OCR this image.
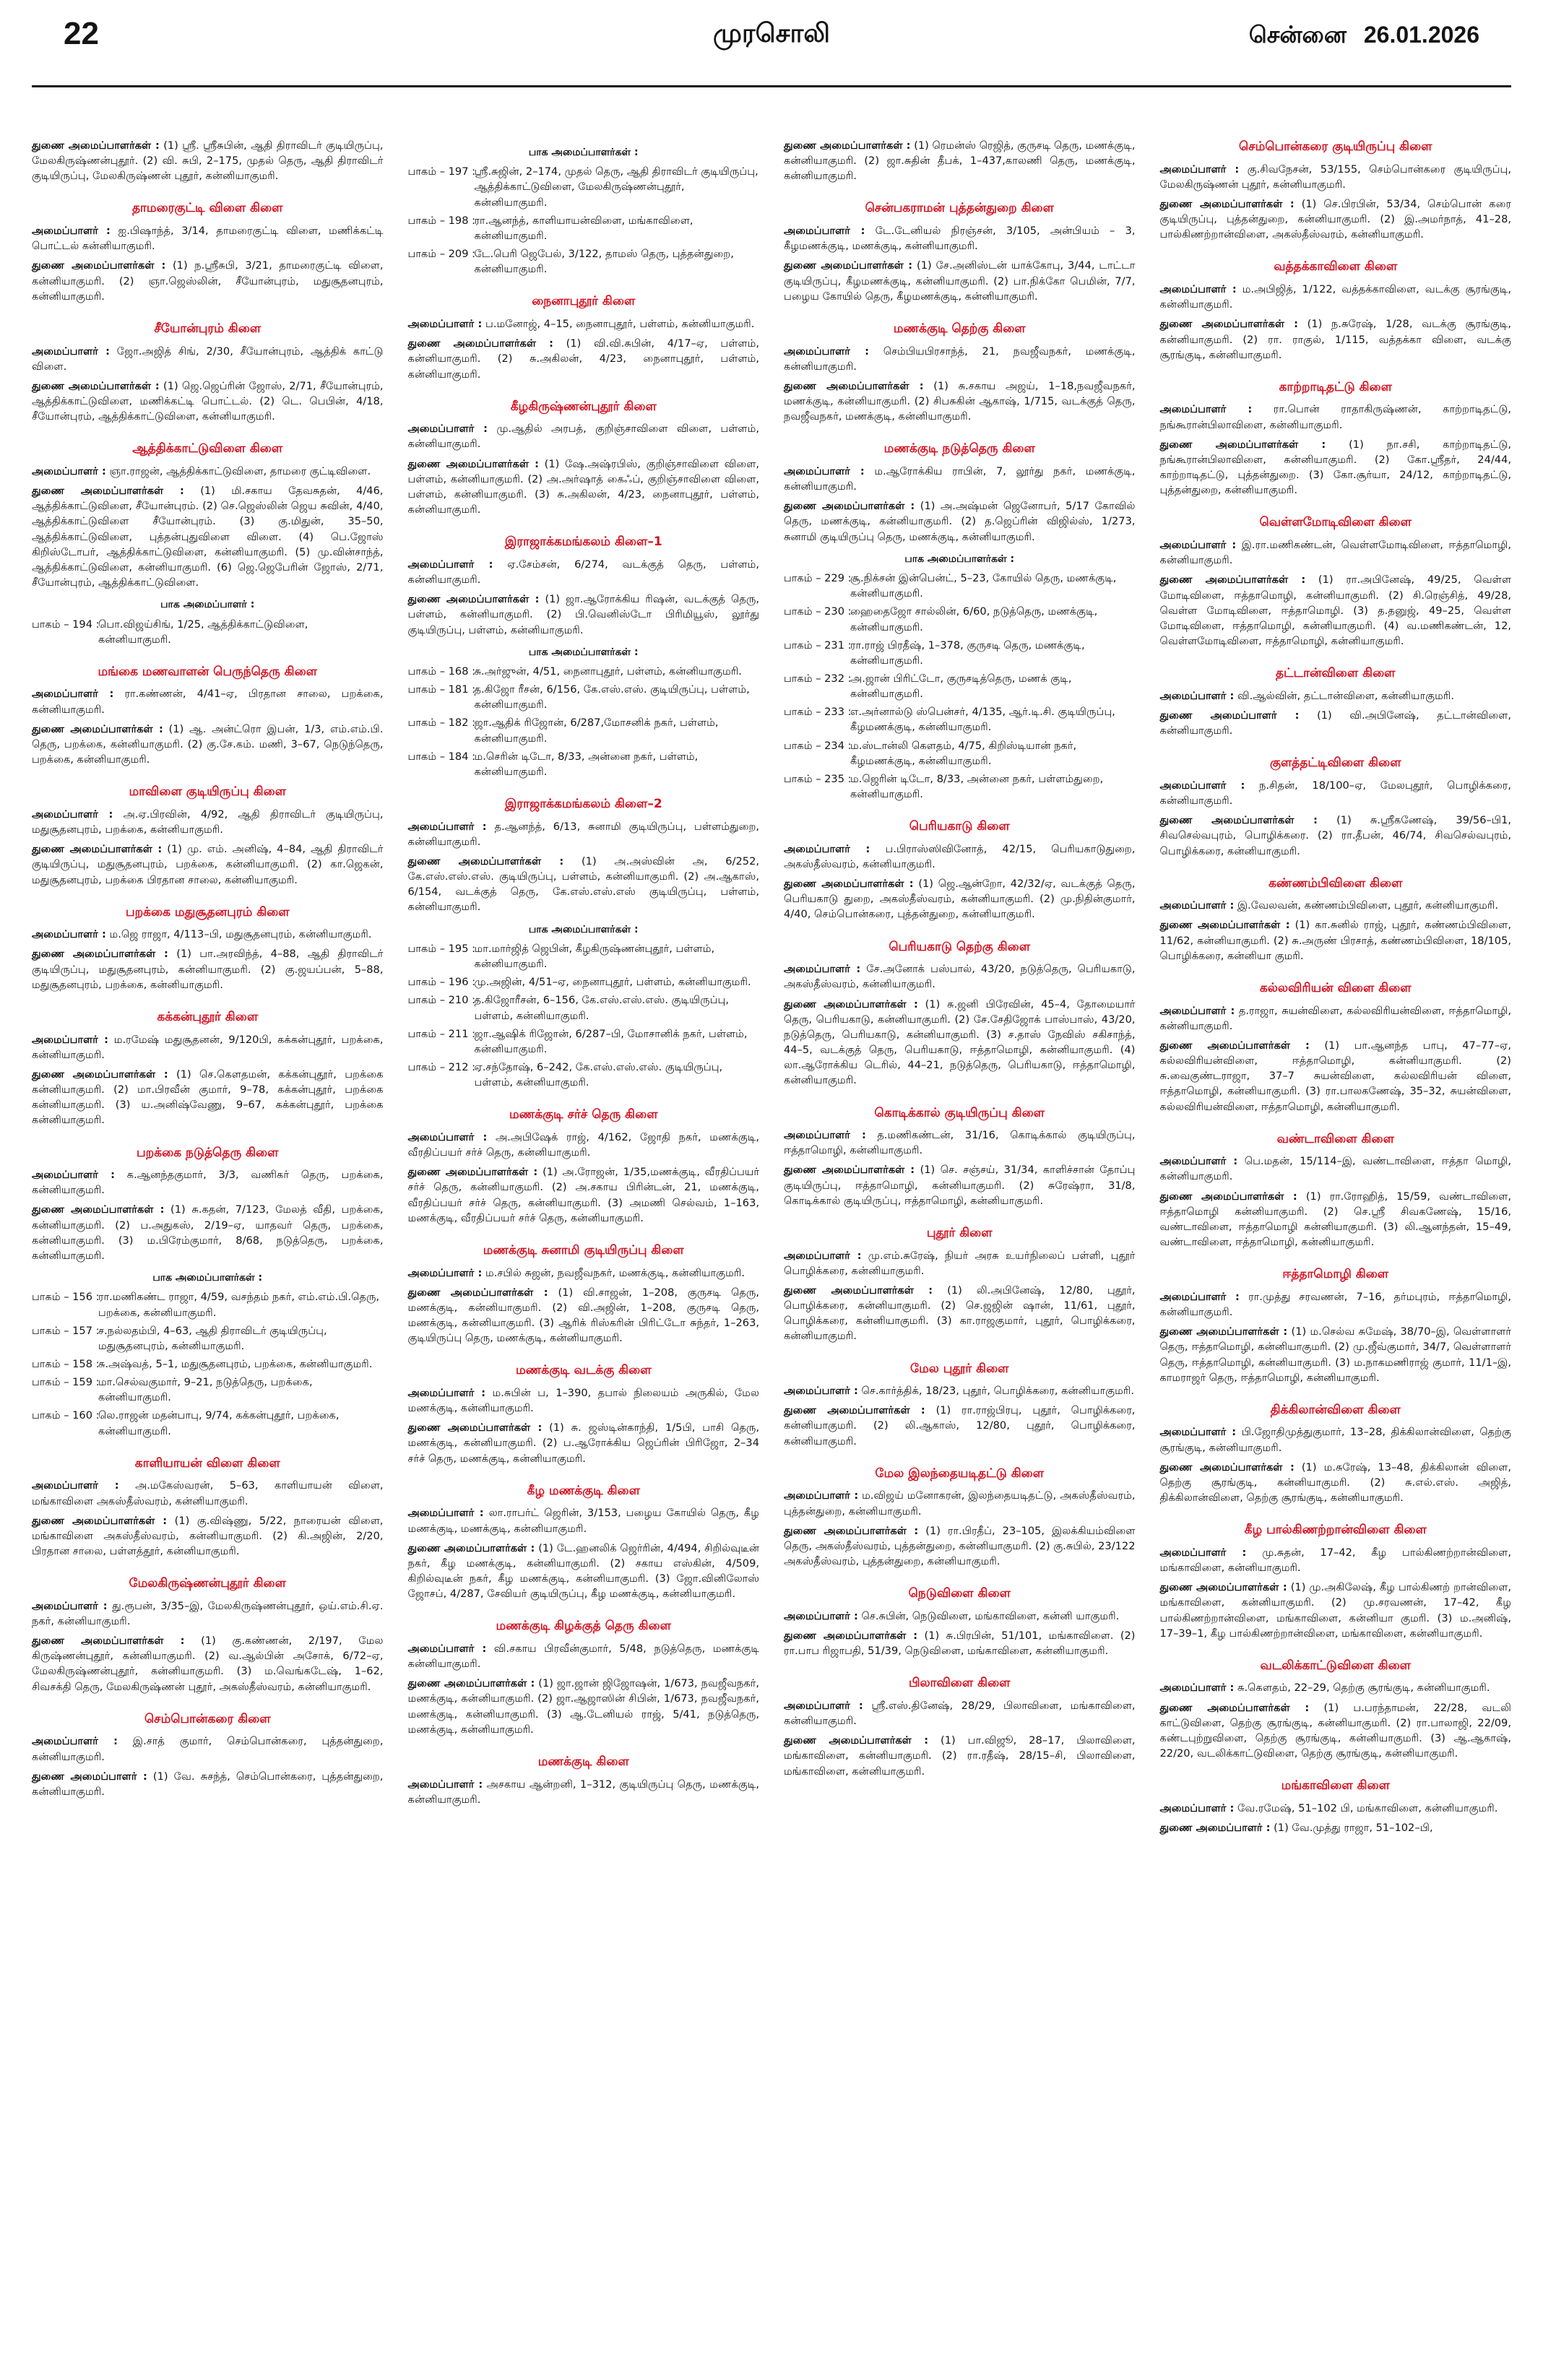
22	முரசொலி	சென்னை 26.01.2026

துணை அமைப்பாளர்கள் : (1) ஸ்ரீ. ஸ்ரீசுபின், ஆதி திராவிடர் குடியிருப்பு, மேலகிருஷ்ணன்புதூர். (2) வி. சுபி, 2–175, முதல் தெரு, ஆதி திராவிடர் குடியிருப்பு, மேலகிருஷ்ணன் புதூர், கன்னியாகுமரி.

தாமரைகுட்டி விளை கிளை

அமைப்பாளர் : ஐ.பிஷாந்த், 3/14, தாமரைகுட்டி விளை, மணிக்கட்டி பொட்டல் கன்னியாகுமரி.

துணை அமைப்பாளர்கள் : (1) ந.ஸ்ரீசுபி, 3/21, தாமரைகுட்டி விளை, கன்னியாகுமரி. (2) ஞா.ஜெஸ்லின், சீயோன்புரம், மதுசூதனபுரம், கன்னியாகுமரி.

சீயோன்புரம் கிளை

அமைப்பாளர் : ஜோ.அஜித் சிங், 2/30, சீயோன்புரம், ஆத்திக் காட்டு விளை.

துணை அமைப்பாளர்கள் : (1) ஜெ.ஜெப்ரின் ஜோஸ், 2/71, சீயோன்புரம், ஆத்திக்காட்டுவிளை, மணிக்கட்டி பொட்டல். (2) டெ. பெபின், 4/18, சீயோன்புரம், ஆத்திக்காட்டுவிளை, கன்னியாகுமரி.

ஆத்திக்காட்டுவிளை கிளை

அமைப்பாளர் : ஞா.ராஜன், ஆத்திக்காட்டுவிளை, தாமரை குட்டிவிளை.

துணை அமைப்பாளர்கள் : (1) மி.சகாய தேவசுதன், 4/46, ஆத்திக்காட்டுவிளை, சீயோன்புரம். (2) செ.ஜெஸ்லின் ஜெய சுவின், 4/40, ஆத்திக்காட்டுவிளை சீயோன்புரம். (3) கு.மிதுன், 35–50, ஆத்திக்காட்டுவிளை, புத்தன்புதுவிளை விளை. (4) பெ.ஜோஸ் கிறிஸ்டோபர், ஆத்திக்காட்டுவிளை, கன்னியாகுமரி. (5) மு.வின்சாந்த், ஆத்திக்காட்டுவிளை, கன்னியாகுமரி. (6) ஜெ.ஜெபேரின் ஜோஸ், 2/71, சீயோன்புரம், ஆத்திக்காட்டுவிளை.

பாக அமைப்பாளர் :
பாகம் – 194 :
பொ.விஜய்சிங், 1/25, ஆத்திக்காட்டுவிளை, கன்னியாகுமரி.
மங்கை மணவாளன் பெருந்தெரு கிளை

அமைப்பாளர் : ரா.கண்ணன், 4/41–ஏ, பிரதான சாலை, பறக்கை, கன்னியாகுமரி.

துணை அமைப்பாளர்கள் : (1) ஆ. அன்ட்ரொ இபன், 1/3, எம்.எம்.பி. தெரு, பறக்கை, கன்னியாகுமரி. (2) கு.சே.கம். மணி, 3–67, நெடுந்தெரு, பறக்கை, கன்னியாகுமரி.

மாவிளை குடியிருப்பு கிளை

அமைப்பாளர் : அ.ஏ.பிரவின், 4/92, ஆதி திராவிடர் குடியிருப்பு, மதுசூதனபுரம், பறக்கை, கன்னியாகுமரி.

துணை அமைப்பாளர்கள் : (1) மு. எம். அனிஷ், 4–84, ஆதி திராவிடர் குடியிருப்பு, மதுசூதனபுரம், பறக்கை, கன்னியாகுமரி. (2) கா.ஜெகன், மதுசூதனபுரம், பறக்கை பிரதான சாலை, கன்னியாகுமரி.

பறக்கை மதுசூதனபுரம் கிளை

அமைப்பாளர் : ம.ஜெ ராஜா, 4/113–பி, மதுசூதனபுரம், கன்னியாகுமரி.

துணை அமைப்பாளர்கள் : (1) பா.அரவிந்த், 4–88, ஆதி திராவிடர் குடியிருப்பு, மதுசூதனபுரம், கன்னியாகுமரி. (2) கு.ஜயப்பன், 5–88, மதுசூதனபுரம், பறக்கை, கன்னியாகுமரி.

கக்கன்புதூர் கிளை

அமைப்பாளர் : ம.ரமேஷ் மதுசூதனன், 9/120பி, கக்கன்புதூர், பறக்கை, கன்னியாகுமரி.

துணை அமைப்பாளர்கள் : (1) செ.கௌதமன், கக்கன்புதூர், பறக்கை கன்னியாகுமரி. (2) மா.பிரவீன் குமார், 9–78, கக்கன்புதூர், பறக்கை கன்னியாகுமரி. (3) ய.அனிஷ்வேணு, 9–67, கக்கன்புதூர், பறக்கை கன்னியாகுமரி.

பறக்கை நடுத்தெரு கிளை

அமைப்பாளர் : க.ஆனந்தகுமார், 3/3, வணிகர் தெரு, பறக்கை, கன்னியாகுமரி.

துணை அமைப்பாளர்கள் : (1) சு.கதன், 7/123, மேலத் வீதி, பறக்கை, கன்னியாகுமரி. (2) ப.அதுகஸ், 2/19–ஏ, யாதவர் தெரு, பறக்கை, கன்னியாகுமரி. (3) ம.பிரேம்குமார், 8/68, நடுத்தெரு, பறக்கை, கன்னியாகுமரி.

பாக அமைப்பாளர்கள் :
பாகம் – 156 :
ரா.மணிகண்ட ராஜா, 4/59, வசந்தம் நகர், எம்.எம்.பி.தெரு, பறக்கை, கன்னியாகுமரி.
பாகம் – 157 :
ச.நல்லதம்பி, 4–63, ஆதி திராவிடர் குடியிருப்பு, மதுசூதனபுரம், கன்னியாகுமரி.
பாகம் – 158 :
சு.அஷ்வத், 5–1, மதுசூதனபுரம், பறக்கை, கன்னியாகுமரி.
பாகம் – 159 :
மா.செல்வகுமார், 9–21, நடுத்தெரு, பறக்கை, கன்னியாகுமரி.
பாகம் – 160 :
லெ.ராஜன் மதன்பாபு, 9/74, கக்கன்புதூர், பறக்கை, கன்னியாகுமரி.
காளியாயன் விளை கிளை

அமைப்பாளர் : அ.மகேஸ்வரன், 5–63, காளியாயன் விளை, மங்காவிளை அகஸ்தீஸ்வரம், கன்னியாகுமரி.

துணை அமைப்பாளர்கள் : (1) கு.விஷ்ணு, 5/22, நாரையன் விளை, மங்காவிளை அகஸ்தீஸ்வரம், கன்னியாகுமரி. (2) கி.அஜின், 2/20, பிரதான சாலை, பள்ளத்தூர், கன்னியாகுமரி.

மேலகிருஷ்ணன்புதூர் கிளை

அமைப்பாளர் : து.ரூபன், 3/35–இ, மேலகிருஷ்ணன்புதூர், ஒய்.எம்.சி.ஏ. நகர், கன்னியாகுமரி.

துணை அமைப்பாளர்கள் : (1) கு.கண்ணன், 2/197, மேல கிருஷ்ணன்புதூர், கன்னியாகுமரி. (2) வ.ஆல்பின் அசோக், 6/72–ஏ, மேலகிருஷ்ணன்புதூர், கன்னியாகுமரி. (3) ம.வெங்கடேஷ், 1–62, சிவசக்தி தெரு, மேலகிருஷ்ணன் புதூர், அகஸ்தீஸ்வரம், கன்னியாகுமரி.

செம்பொன்கரை கிளை

அமைப்பாளர் : இ.சாத் குமார், செம்பொன்கரை, புத்தன்துறை, கன்னியாகுமரி.

துணை அமைப்பாளர் : (1) வே. சுசந்த், செம்பொன்கரை, புத்தன்துறை, கன்னியாகுமரி.

பாக அமைப்பாளர்கள் :
பாகம் – 197 :
ஸ்ரீ.சுஜின், 2–174, முதல் தெரு, ஆதி திராவிடர் குடியிருப்பு, ஆத்திக்காட்டுவிளை, மேலகிருஷ்ணன்புதூர், கன்னியாகுமரி.
பாகம் – 198 :
ரா.ஆனந்த், காளியாயன்விளை, மங்காவிளை, கன்னியாகுமரி.
பாகம் – 209 :
டே.பெரி ஜெபேல், 3/122, தாமஸ் தெரு, புத்தன்துறை, கன்னியாகுமரி.
நைனாபுதூர் கிளை

அமைப்பாளர் : ப.மனோஜ், 4–15, நைனாபுதூர், பள்ளம், கன்னியாகுமரி.

துணை அமைப்பாளர்கள் : (1) வி.வி.சுபின், 4/17–ஏ, பள்ளம், கன்னியாகுமரி. (2) சு.அகிலன், 4/23, நைனாபுதூர், பள்ளம், கன்னியாகுமரி.

கீழகிருஷ்ணன்புதூர் கிளை

அமைப்பாளர் : மு.ஆதில் அரபத், குறிஞ்சாவிளை விளை, பள்ளம், கன்னியாகுமரி.

துணை அமைப்பாளர்கள் : (1) ஷே.அஷ்ரபிஸ், குறிஞ்சாவிளை விளை, பள்ளம், கன்னியாகுமரி. (2) அ.அர்ஷாத் கைஃப், குறிஞ்சாவிளை விளை, பள்ளம், கன்னியாகுமரி. (3) சு.அகிலன், 4/23, நைனாபுதூர், பள்ளம், கன்னியாகுமரி.

இராஜாக்கமங்கலம் கிளை–1

அமைப்பாளர் : ஏ.சேம்சன், 6/274, வடக்குத் தெரு, பள்ளம், கன்னியாகுமரி.

துணை அமைப்பாளர்கள் : (1) ஜா.ஆரோக்கிய ரிஷன், வடக்குத் தெரு, பள்ளம், கன்னியாகுமரி. (2) பி.வெனிஸ்டோ பிரிமியூஸ், லூர்து குடியிருப்பு, பள்ளம், கன்னியாகுமரி.

பாக அமைப்பாளர்கள் :
பாகம் – 168 :
சு.அர்ஜுன், 4/51, நைனாபுதூர், பள்ளம், கன்னியாகுமரி.
பாகம் – 181 :
த.கிஜோ ரீசன், 6/156, கே.எஸ்.எஸ். குடியிருப்பு, பள்ளம், கன்னியாகுமரி.
பாகம் – 182 :
ஜா.ஆதிக் ரிஜோன், 6/287,மோசனிக் நகர், பள்ளம், கன்னியாகுமரி.
பாகம் – 184 :
ம.செரின் டிடோ, 8/33, அன்னை நகர், பள்ளம், கன்னியாகுமரி.
இராஜாக்கமங்கலம் கிளை–2

அமைப்பாளர் : த.ஆனந்த், 6/13, சுனாமி குடியிருப்பு, பள்ளம்துறை, கன்னியாகுமரி.

துணை அமைப்பாளர்கள் : (1) அ.அஸ்வின் அ, 6/252, கே.எஸ்.எஸ்.எஸ். குடியிருப்பு, பள்ளம், கன்னியாகுமரி. (2) அ.ஆகாஸ், 6/154, வடக்குத் தெரு, கே.எஸ்.எஸ்.எஸ் குடியிருப்பு, பள்ளம், கன்னியாகுமரி.

பாக அமைப்பாளர்கள் :
பாகம் – 195 :
மா.மார்ஜித் ஜெபின், கீழகிருஷ்ணன்புதூர், பள்ளம், கன்னியாகுமரி.
பாகம் – 196 :
மு.அஜின், 4/51–ஏ, நைனாபுதூர், பள்ளம், கன்னியாகுமரி.
பாகம் – 210 :
த.கிஜோரீசன், 6–156, கே.எஸ்.எஸ்.எஸ். குடியிருப்பு, பள்ளம், கன்னியாகுமரி.
பாகம் – 211 :
ஜா.ஆஷிக் ரிஜோன், 6/287–பி, மோசானிக் நகர், பள்ளம், கன்னியாகுமரி.
பாகம் – 212 :
ஏ.சந்தோஷ், 6–242, கே.எஸ்.எஸ்.எஸ். குடியிருப்பு, பள்ளம், கன்னியாகுமரி.
மணக்குடி சர்ச் தெரு கிளை

அமைப்பாளர் : அ.அபிஷேக் ராஜ், 4/162, ஜோதி நகர், மணக்குடி, வீரதிப்பயர் சர்ச் தெரு, கன்னியாகுமரி.

துணை அமைப்பாளர்கள் : (1) அ.ரோஜன், 1/35,மணக்குடி, வீரதிப்பயர் சர்ச் தெரு, கன்னியாகுமரி. (2) அ.சகாய பிரின்டன், 21, மணக்குடி, வீரதிப்பயர் சர்ச் தெரு, கன்னியாகுமரி. (3) அமணி செல்வம், 1–163, மணக்குடி, வீரதிப்பயர் சர்ச் தெரு, கன்னியாகுமரி.

மணக்குடி சுனாமி குடியிருப்பு கிளை

அமைப்பாளர் : ம.சபில் சுஜன், நவஜீவநகர், மணக்குடி, கன்னியாகுமரி.

துணை அமைப்பாளர்கள் : (1) வி.சாஜன், 1–208, குருசடி தெரு, மணக்குடி, கன்னியாகுமரி. (2) வி.அஜின், 1–208, குருசடி தெரு, மணக்குடி, கன்னியாகுமரி. (3) ஆரிக் ரிஸ்கரின் பிரிட்டோ சுந்தர், 1–263, குடியிருப்பு தெரு, மணக்குடி, கன்னியாகுமரி.

மணக்குடி வடக்கு கிளை

அமைப்பாளர் : ம.சுபின் ப, 1–390, தபால் நிலையம் அருகில், மேல மணக்குடி, கன்னியாகுமரி.

துணை அமைப்பாளர்கள் : (1) சு. ஜஸ்டின்காந்தி, 1/5பி, பாசி தெரு, மணக்குடி, கன்னியாகுமரி. (2) ப.ஆரோக்கிய ஜெப்ரின் பிரிஜோ, 2–34 சர்ச் தெரு, மணக்குடி, கன்னியாகுமரி.

கீழ மணக்குடி கிளை

அமைப்பாளர் : லா.ராபர்ட் ஜெரின், 3/153, பழைய கோயில் தெரு, கீழ மணக்குடி, மணக்குடி, கன்னியாகுமரி.

துணை அமைப்பாளர்கள் : (1) டே.ஹனலிக் ஜெர்ரின், 4/494, சிறில்வுடீன் நகர், கீழ மணக்குடி, கன்னியாகுமரி. (2) சகாய எஸ்கின், 4/509, கிறில்வுடீன் நகர், கீழ மணக்குடி, கன்னியாகுமரி. (3) ஜோ.வினிலோஸ் ஜோசப், 4/287, சேவியர் குடியிருப்பு, கீழ மணக்குடி, கன்னியாகுமரி.

மணக்குடி கிழக்குத் தெரு கிளை

அமைப்பாளர் : வி.சகாய பிரவீன்குமார், 5/48, நடுத்தெரு, மணக்குடி கன்னியாகுமரி.

துணை அமைப்பாளர்கள் : (1) ஜா.ஜான் ஜிஜோஷன், 1/673, நவஜீவநகர், மணக்குடி, கன்னியாகுமரி. (2) ஜா.ஆஜாஸின் சிபின், 1/673, நவஜீவநகர், மணக்குடி, கன்னியாகுமரி. (3) ஆ.டேனியல் ராஜ், 5/41, நடுத்தெரு, மணக்குடி, கன்னியாகுமரி.

மணக்குடி கிளை

அமைப்பாளர் : அசகாய ஆன்றனி, 1–312, குடியிருப்பு தெரு, மணக்குடி, கன்னியாகுமரி.

துணை அமைப்பாளர்கள் : (1) ரெமன்ஸ் ரெஜித், குருசடி தெரு, மணக்குடி, கன்னியாகுமரி. (2) ஜா.சுதின் தீபக், 1–437,காலணி தெரு, மணக்குடி, கன்னியாகுமரி.

சென்பகராமன் புத்தன்துறை கிளை

அமைப்பாளர் : டே.டேனியல் நிரஞ்சன், 3/105, அன்பியம் – 3, கீழமணக்குடி, மணக்குடி, கன்னியாகுமரி.

துணை அமைப்பாளர்கள் : (1) சே.அனிஸ்டன் யாக்கோபு, 3/44, டாட்டா குடியிருப்பு, கீழமணக்குடி, கன்னியாகுமரி. (2) பா.நிக்கோ பெமின், 7/7, பழைய கோயில் தெரு, கீழமணக்குடி, கன்னியாகுமரி.

மணக்குடி தெற்கு கிளை

அமைப்பாளர் : செம்பியபிரசாந்த், 21, நவஜீவநகர், மணக்குடி, கன்னியாகுமரி.

துணை அமைப்பாளர்கள் : (1) சு.சகாய அஜய், 1–18,நவஜீவநகர், மணக்குடி, கன்னியாகுமரி. (2) சிபசுகின் ஆகாஷ், 1/715, வடக்குத் தெரு, நவஜீவநகர், மணக்குடி, கன்னியாகுமரி.

மணக்குடி நடுத்தெரு கிளை

அமைப்பாளர் : ம.ஆரோக்கிய ராபின், 7, லூர்து நகர், மணக்குடி, கன்னியாகுமரி.

துணை அமைப்பாளர்கள் : (1) அ.அஷ்மன் ஜெனோபர், 5/17 கோவில் தெரு, மணக்குடி, கன்னியாகுமரி. (2) த.ஜெப்ரின் விஜில்ஸ், 1/273, சுனாமி குடியிருப்பு தெரு, மணக்குடி, கன்னியாகுமரி.

பாக அமைப்பாளர்கள் :
பாகம் – 229 :
சூ.நிக்சன் இன்பென்ட், 5–23, கோயில் தெரு, மணக்குடி, கன்னியாகுமரி.
பாகம் – 230 :
ஹைதைஜோ சால்லின், 6/60, நடுத்தெரு, மணக்குடி, கன்னியாகுமரி.
பாகம் – 231 :
ரா.ராஜ் பிரதீஷ், 1–378, குருசடி தெரு, மணக்குடி, கன்னியாகுமரி.
பாகம் – 232 :
அ.ஜான் பிரிட்டோ, குருசடித்தெரு, மணக் குடி, கன்னியாகுமரி.
பாகம் – 233 :
எ.அர்னால்டு ஸ்பென்சர், 4/135, ஆர்.டி.சி. குடியிருப்பு, கீழமணக்குடி, கன்னியாகுமரி.
பாகம் – 234 :
ம.ஸ்டான்லி கௌதம், 4/75, கிறிஸ்டியான் நகர், கீழமணக்குடி, கன்னியாகுமரி.
பாகம் – 235 :
ம.ஜெரின் டிடோ, 8/33, அன்னை நகர், பள்ளம்துறை, கன்னியாகுமரி.
பெரியகாடு கிளை

அமைப்பாளர் : ப.பிராஸ்ஸிவினோத், 42/15, பெரியகாடுதுறை, அகஸ்தீஸ்வரம், கன்னியாகுமரி.

துணை அமைப்பாளர்கள் : (1) ஜெ.ஆன்றோ, 42/32/ஏ, வடக்குத் தெரு, பெரியகாடு துறை, அகஸ்தீஸ்வரம், கன்னியாகுமரி. (2) மு.நிதின்குமார், 4/40, செம்பொன்கரை, புத்தன்துறை, கன்னியாகுமரி.

பெரியகாடு தெற்கு கிளை

அமைப்பாளர் : சே.அனோக் பஸ்பால், 43/20, நடுத்தெரு, பெரியகாடு, அகஸ்தீஸ்வரம், கன்னியாகுமரி.

துணை அமைப்பாளர்கள் : (1) சு.ஜனி பிரேவின், 45–4, தோமையார் தெரு, பெரியகாடு, கன்னியாகுமரி. (2) சே.சேதிஜோக் பாஸ்பாஸ், 43/20, நடுத்தெரு, பெரியகாடு, கன்னியாகுமரி. (3) ச.தாஸ் நேவிஸ் சகிசாந்த், 44–5, வடக்குத் தெரு, பெரியகாடு, ஈத்தாமொழி, கன்னியாகுமரி. (4) லா.ஆரோக்கிய டெரில், 44–21, நடுத்தெரு, பெரியகாடு, ஈத்தாமொழி, கன்னியாகுமரி.

கொடிக்கால் குடியிருப்பு கிளை

அமைப்பாளர் : த.மணிகண்டன், 31/16, கொடிக்கால் குடியிருப்பு, ஈத்தாமொழி, கன்னியாகுமரி.

துணை அமைப்பாளர்கள் : (1) செ. சஞ்சய், 31/34, காளிச்சான் தோப்பு குடியிருப்பு, ஈத்தாமொழி, கன்னியாகுமரி. (2) சுரேஷ்ரா, 31/8, கொடிக்கால் குடியிருப்பு, ஈத்தாமொழி, கன்னியாகுமரி.

புதூர் கிளை

அமைப்பாளர் : மு.எம்.சுரேஷ், நியர் அரசு உயர்நிலைப் பள்ளி, புதூர் பொழிக்கரை, கன்னியாகுமரி.

துணை அமைப்பாளர்கள் : (1) லி.அபினேஷ், 12/80, புதூர், பொழிக்கரை, கன்னியாகுமரி. (2) செ.ஜஜின் ஷான், 11/61, புதூர், பொழிக்கரை, கன்னியாகுமரி. (3) கா.ராஜகுமார், புதூர், பொழிக்கரை, கன்னியாகுமரி.

மேல புதூர் கிளை

அமைப்பாளர் : செ.கார்த்திக், 18/23, புதூர், பொழிக்கரை, கன்னியாகுமரி.

துணை அமைப்பாளர்கள் : (1) ரா.ராஜ்பிரபு, புதூர், பொழிக்கரை, கன்னியாகுமரி. (2) லி.ஆகாஸ், 12/80, புதூர், பொழிக்கரை, கன்னியாகுமரி.

மேல இலந்தையடிதட்டு கிளை

அமைப்பாளர் : ம.விஜய் மனோகரன், இலந்தையடிதட்டு, அகஸ்தீஸ்வரம், புத்தன்துறை, கன்னியாகுமரி.

துணை அமைப்பாளர்கள் : (1) ரா.பிரதீப், 23–105, இலக்கியம்விளை தெரு, அகஸ்தீஸ்வரம், புத்தன்துறை, கன்னியாகுமரி. (2) கு.சுபில், 23/122 அகஸ்தீஸ்வரம், புத்தன்துறை, கன்னியாகுமரி.

நெடுவிளை கிளை

அமைப்பாளர் : செ.சுபின், நெடுவிளை, மங்காவிளை, கன்னி யாகுமரி.

துணை அமைப்பாளர்கள் : (1) சு.பிரபின், 51/101, மங்காவிளை. (2) ரா.பாப ரிஜாபதி, 51/39, நெடுவிளை, மங்காவிளை, கன்னியாகுமரி.

பிலாவிளை கிளை

அமைப்பாளர் : ஸ்ரீ.எஸ்.தினேஷ், 28/29, பிலாவிளை, மங்காவிளை, கன்னியாகுமரி.

துணை அமைப்பாளர்கள் : (1) பா.விஜூ, 28–17, பிலாவிளை, மங்காவிளை, கன்னியாகுமரி. (2) ரா.ரதீஷ், 28/15–சி, பிலாவிளை, மங்காவிளை, கன்னியாகுமரி.

செம்பொன்கரை குடியிருப்பு கிளை

அமைப்பாளர் : கு.சிவநேசன், 53/155, செம்பொன்கரை குடியிருப்பு, மேலகிருஷ்ணன் புதூர், கன்னியாகுமரி.

துணை அமைப்பாளர்கள் : (1) செ.பிரபின், 53/34, செம்பொன் கரை குடியிருப்பு, புத்தன்துறை, கன்னியாகுமரி. (2) இ.அமர்நாத், 41–28, பால்கிணற்றான்விளை, அகஸ்தீஸ்வரம், கன்னியாகுமரி.

வத்தக்காவிளை கிளை

அமைப்பாளர் : ம.அபிஜித், 1/122, வத்தக்காவிளை, வடக்கு சூரங்குடி, கன்னியாகுமரி.

துணை அமைப்பாளர்கள் : (1) ந.சுரேஷ், 1/28, வடக்கு சூரங்குடி, கன்னியாகுமரி. (2) ரா. ராகுல், 1/115, வத்தக்கா விளை, வடக்கு சூரங்குடி, கன்னியாகுமரி.

காற்றாடிதட்டு கிளை

அமைப்பாளர் : ரா.பொன் ராதாகிருஷ்ணன், காற்றாடிதட்டு, நங்கூரான்பிலாவிளை, கன்னியாகுமரி.

துணை அமைப்பாளர்கள் : (1) நா.சசி, காற்றாடிதட்டு, நங்கூரான்பிலாவிளை, கன்னியாகுமரி. (2) கோ.ஸ்ரீதர், 24/44, காற்றாடிதட்டு, புத்தன்துறை. (3) கோ.சூர்யா, 24/12, காற்றாடிதட்டு, புத்தன்துறை, கன்னியாகுமரி.

வெள்ளமோடிவிளை கிளை

அமைப்பாளர் : இ.ரா.மணிகண்டன், வெள்ளமோடிவிளை, ஈத்தாமொழி, கன்னியாகுமரி.

துணை அமைப்பாளர்கள் : (1) ரா.அபினேஷ், 49/25, வெள்ள மோடிவிளை, ஈத்தாமொழி, கன்னியாகுமரி. (2) சி.ரெஞ்சித், 49/28, வெள்ள மோடிவிளை, ஈத்தாமொழி. (3) த.தனுஜ், 49–25, வெள்ள மோடிவிளை, ஈத்தாமொழி, கன்னியாகுமரி. (4) வ.மணிகண்டன், 12, வெள்ளமோடிவிளை, ஈத்தாமொழி, கன்னியாகுமரி.

தட்டான்விளை கிளை

அமைப்பாளர் : வி.ஆல்வின், தட்டான்விளை, கன்னியாகுமரி.

துணை அமைப்பாளர் : (1) வி.அபினேஷ், தட்டான்விளை, கன்னியாகுமரி.

குளத்தட்டிவிளை கிளை

அமைப்பாளர் : ந.சிதன், 18/100–ஏ, மேலபுதூர், பொழிக்கரை, கன்னியாகுமரி.

துணை அமைப்பாளர்கள் : (1) சு.ஸ்ரீகணேஷ், 39/56–பி1, சிவசெல்வபுரம், பொழிக்கரை. (2) ரா.தீபன், 46/74, சிவசெல்வபுரம், பொழிக்கரை, கன்னியாகுமரி.

கண்ணம்பிவிளை கிளை

அமைப்பாளர் : இ.வேலவன், கண்ணம்பிவிளை, புதூர், கன்னியாகுமரி.

துணை அமைப்பாளர்கள் : (1) கா.சுனில் ராஜ், புதூர், கண்ணம்பிவிளை, 11/62, கன்னியாகுமரி. (2) சு.அருண் பிரசாத், கண்ணம்பிவிளை, 18/105, பொழிக்கரை, கன்னியா குமரி.

கல்லவிரியன் விளை கிளை

அமைப்பாளர் : த.ராஜா, சுயன்விளை, கல்லவிரியன்விளை, ஈத்தாமொழி, கன்னியாகுமரி.

துணை அமைப்பாளர்கள் : (1) பா.ஆனந்த பாபு, 47–77–ஏ, கல்லவிரியன்விளை, ஈத்தாமொழி, கன்னியாகுமரி. (2) சு.வைகுண்டராஜா, 37–7 சுயன்விளை, கல்லவிரியன் விளை, ஈத்தாமொழி, கன்னியாகுமரி. (3) ரா.பாலகணேஷ், 35–32, சுயன்விளை, கல்லவிரியன்விளை, ஈத்தாமொழி, கன்னியாகுமரி.

வண்டாவிளை கிளை

அமைப்பாளர் : பெ.மதன், 15/114–இ, வண்டாவிளை, ஈத்தா மொழி, கன்னியாகுமரி.

துணை அமைப்பாளர்கள் : (1) ரா.ரோஹித், 15/59, வண்டாவிளை, ஈத்தாமொழி கன்னியாகுமரி. (2) செ.ஸ்ரீ சிவகணேஷ், 15/16, வண்டாவிளை, ஈத்தாமொழி கன்னியாகுமரி. (3) லி.ஆனந்தன், 15–49, வண்டாவிளை, ஈத்தாமொழி, கன்னியாகுமரி.

ஈத்தாமொழி கிளை

அமைப்பாளர் : ரா.முத்து சரவணன், 7–16, தர்மபுரம், ஈத்தாமொழி, கன்னியாகுமரி.

துணை அமைப்பாளர்கள் : (1) ம.செல்வ சுமேஷ், 38/70–இ, வெள்ளாளர் தெரு, ஈத்தாமொழி, கன்னியாகுமரி. (2) மு.ஜீவ்குமார், 34/7, வெள்ளாளர் தெரு, ஈத்தாமொழி, கன்னியாகுமரி. (3) ம.நாகமணிராஜ் குமார், 11/1–இ, காமராஜர் தெரு, ஈத்தாமொழி, கன்னியாகுமரி.

திக்கிலான்விளை கிளை

அமைப்பாளர் : பி.ஜோதிமுத்துகுமார், 13–28, திக்கிலான்விளை, தெற்கு சூரங்குடி, கன்னியாகுமரி.

துணை அமைப்பாளர்கள் : (1) ம.சுரேஷ், 13–48, திக்கிலான் விளை, தெற்கு சூரங்குடி, கன்னியாகுமரி. (2) சு.எல்.எஸ். அஜித், திக்கிலான்விளை, தெற்கு சூரங்குடி, கன்னியாகுமரி.

கீழ பால்கிணற்றான்விளை கிளை

அமைப்பாளர் : மு.சுதன், 17–42, கீழ பால்கிணற்றான்விளை, மங்காவிளை, கன்னியாகுமரி.

துணை அமைப்பாளர்கள் : (1) மு.அகிலேஷ், கீழ பால்கிணற் றான்விளை, மங்காவிளை, கன்னியாகுமரி. (2) மு.சரவணன், 17–42, கீழ பால்கிணற்றான்விளை, மங்காவிளை, கன்னியா குமரி. (3) ம.அனிஷ், 17–39–1, கீழ பால்கிணற்றான்விளை, மங்காவிளை, கன்னியாகுமரி.

வடலிக்காட்டுவிளை கிளை

அமைப்பாளர் : சு.கௌதம், 22–29, தெற்கு சூரங்குடி, கன்னியாகுமரி.

துணை அமைப்பாளர்கள் : (1) ப.பரந்தாமன், 22/28, வடலி காட்டுவிளை, தெற்கு சூரங்குடி, கன்னியாகுமரி. (2) ரா.பாலாஜி, 22/09, கண்டபுற்றுவிளை, தெற்கு சூரங்குடி, கன்னியாகுமரி. (3) ஆ.ஆகாஷ், 22/20, வடலிக்காட்டுவிளை, தெற்கு சூரங்குடி, கன்னியாகுமரி.

மங்காவிளை கிளை

அமைப்பாளர் : வே.ரமேஷ், 51–102 பி, மங்காவிளை, கன்னியாகுமரி.

துணை அமைப்பாளர் : (1) வே.முத்து ராஜா, 51–102–பி,
